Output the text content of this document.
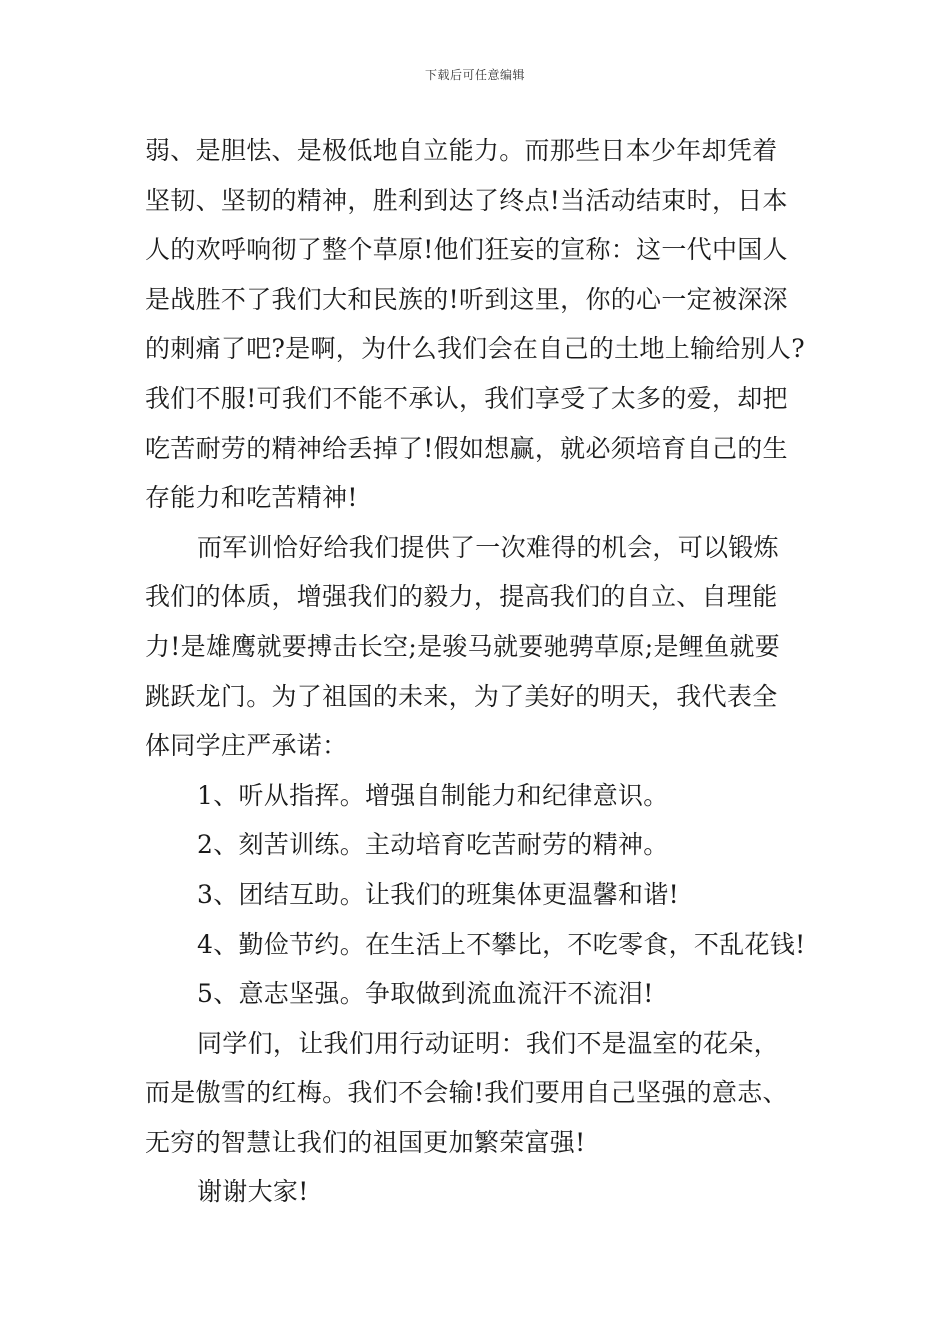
下载后可任意编辑
弱、是胆怯、是极低地自立能力。而那些日本少年却凭着
坚韧、坚韧的精神，胜利到达了终点!当活动结束时，日本
人的欢呼响彻了整个草原!他们狂妄的宣称：这一代中国人
是战胜不了我们大和民族的!听到这里，你的心一定被深深
的刺痛了吧?是啊，为什么我们会在自己的土地上输给别人?
我们不服!可我们不能不承认，我们享受了太多的爱，却把
吃苦耐劳的精神给丢掉了!假如想赢，就必须培育自己的生
存能力和吃苦精神!
而军训恰好给我们提供了一次难得的机会，可以锻炼
我们的体质，增强我们的毅力，提高我们的自立、自理能
力!是雄鹰就要搏击长空;是骏马就要驰骋草原;是鲤鱼就要
跳跃龙门。为了祖国的未来，为了美好的明天，我代表全
体同学庄严承诺：
1、听从指挥。增强自制能力和纪律意识。
2、刻苦训练。主动培育吃苦耐劳的精神。
3、团结互助。让我们的班集体更温馨和谐!
4、勤俭节约。在生活上不攀比，不吃零食，不乱花钱!
5、意志坚强。争取做到流血流汗不流泪!
同学们，让我们用行动证明：我们不是温室的花朵，
而是傲雪的红梅。我们不会输!我们要用自己坚强的意志、
无穷的智慧让我们的祖国更加繁荣富强!
谢谢大家!
